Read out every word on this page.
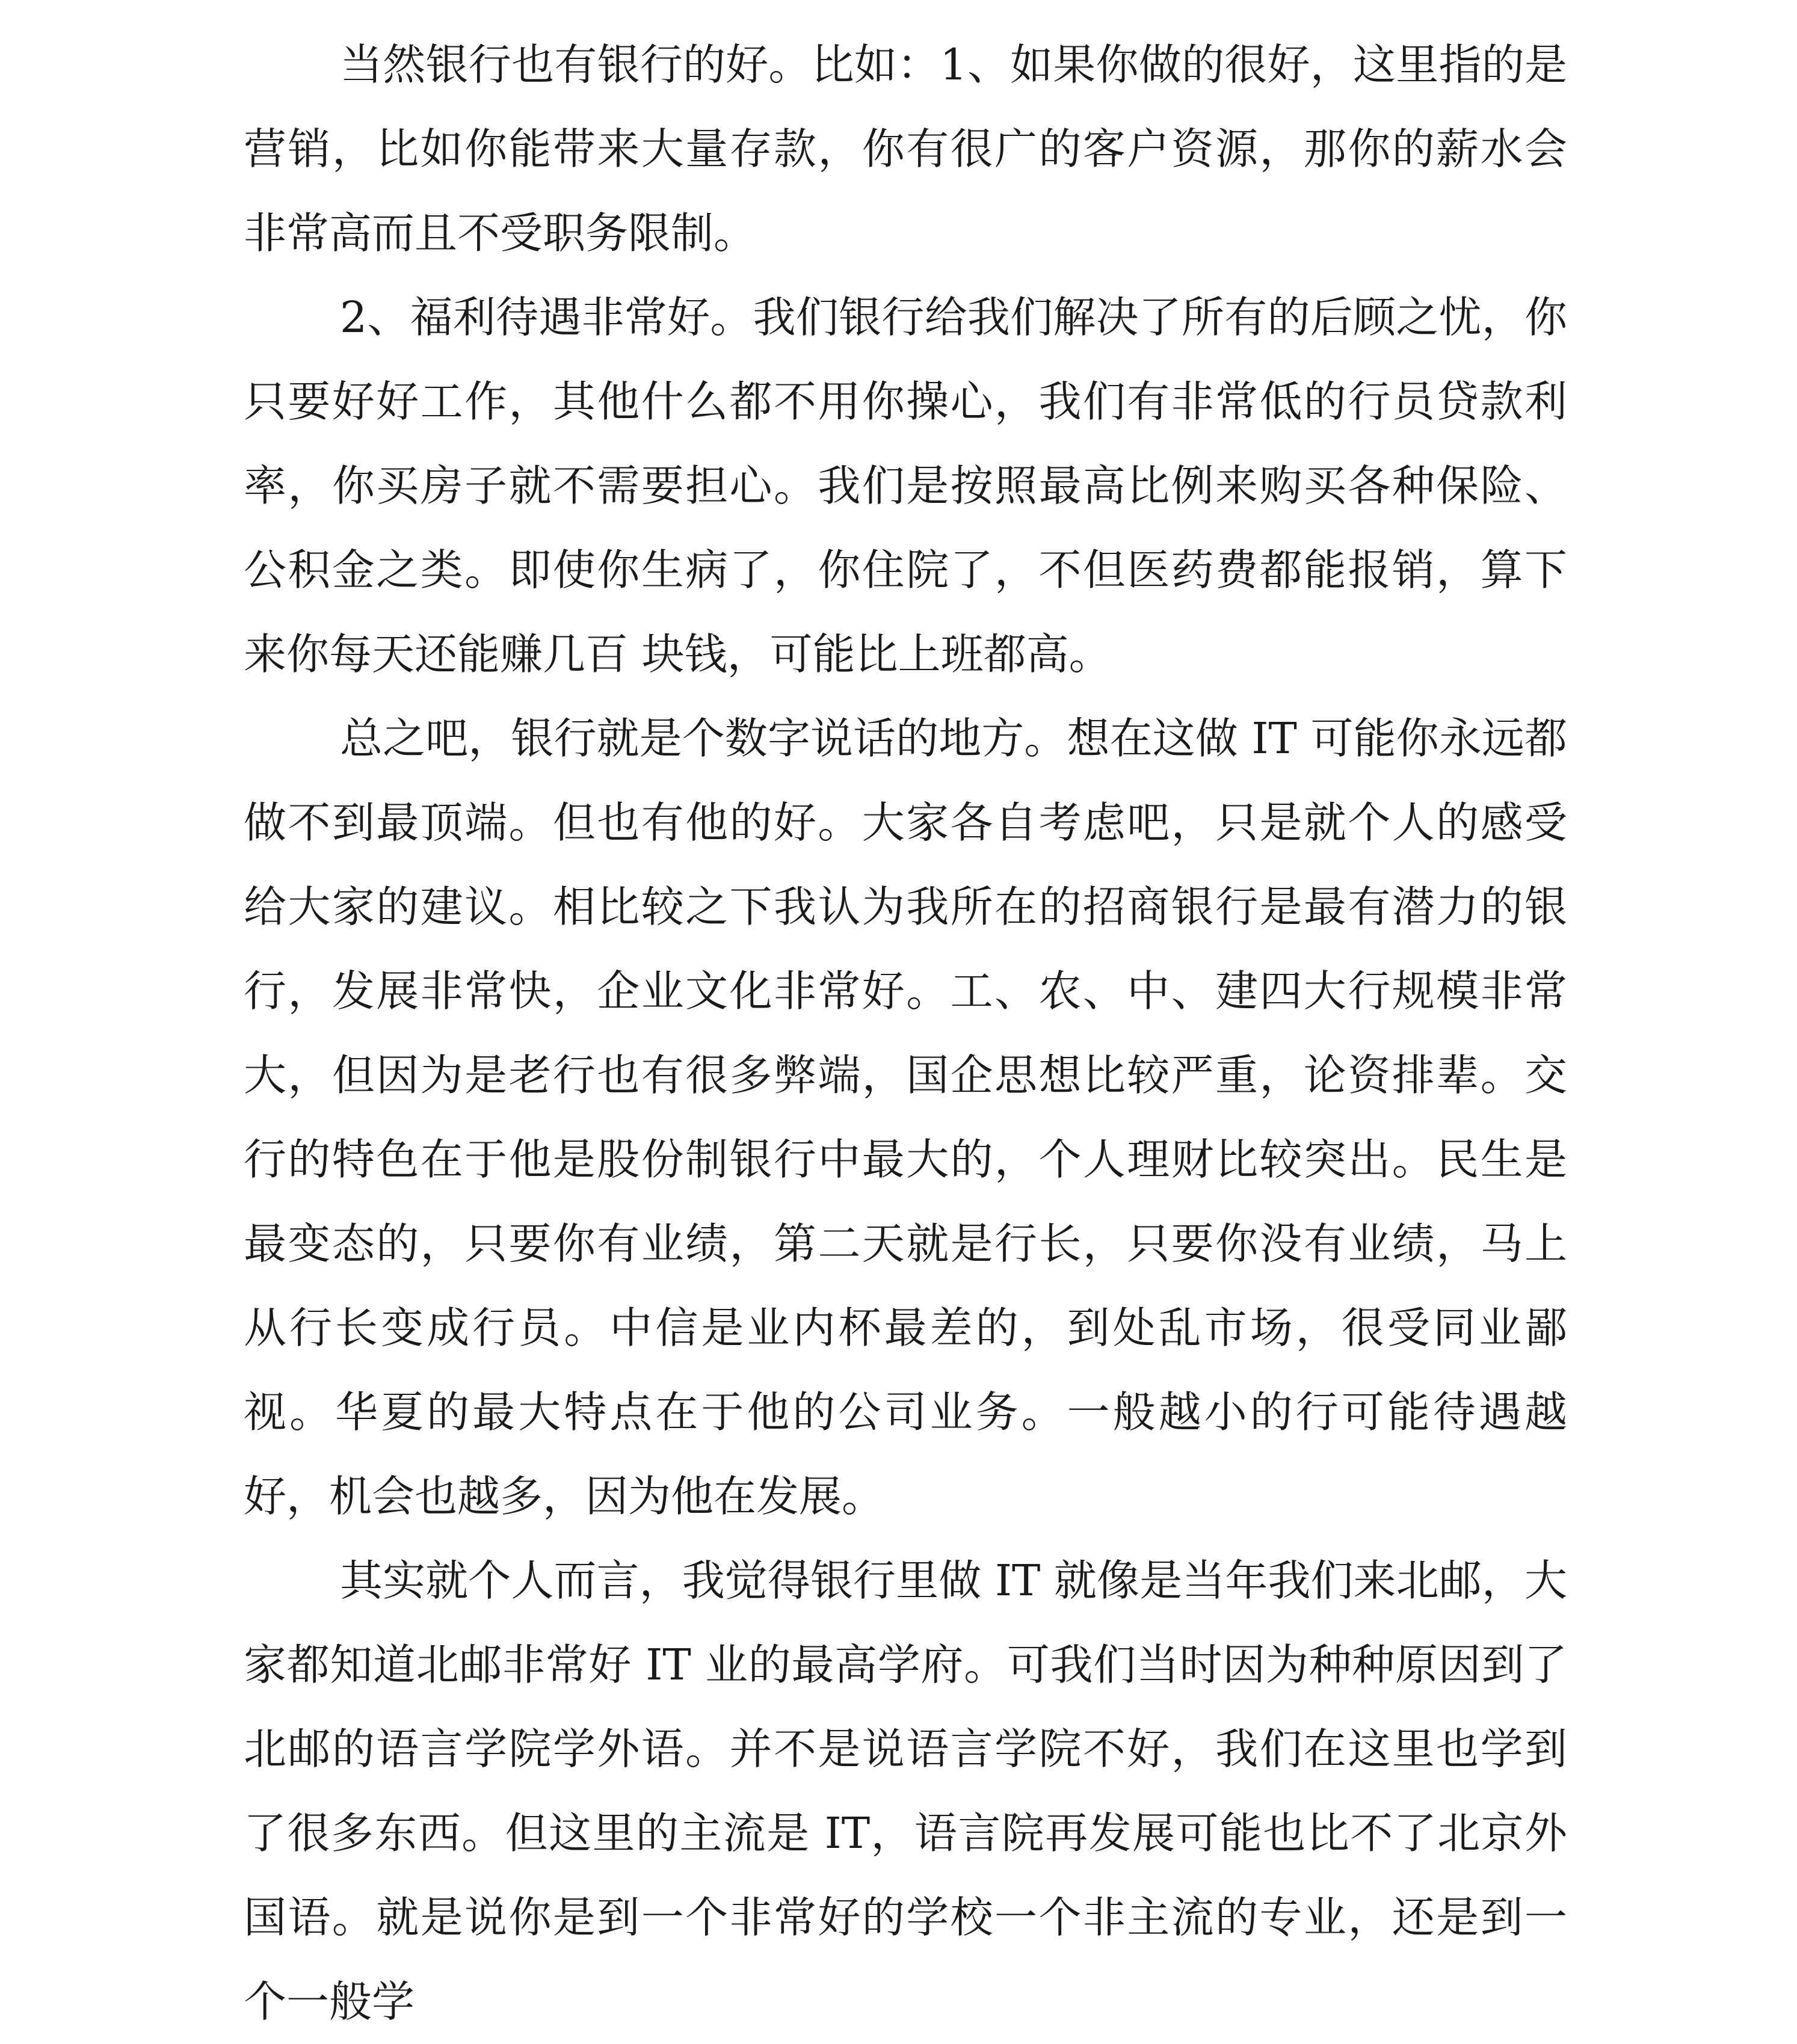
当然银行也有银行的好。比如：1、如果你做的很好，这里指的是营销，比如你能带来大量存款，你有很广的客户资源，那你的薪水会非常高而且不受职务限制。

2、福利待遇非常好。我们银行给我们解决了所有的后顾之忧，你只要好好工作，其他什么都不用你操心，我们有非常低的行员贷款利率，你买房子就不需要担心。我们是按照最高比例来购买各种保险、公积金之类。即使你生病了，你住院了，不但医药费都能报销，算下来你每天还能赚几百 块钱，可能比上班都高。

总之吧，银行就是个数字说话的地方。想在这做 IT 可能你永远都做不到最顶端。但也有他的好。大家各自考虑吧，只是就个人的感受给大家的建议。相比较之下我认为我所在的招商银行是最有潜力的银行，发展非常快，企业文化非常好。工、农、中、建四大行规模非常大，但因为是老行也有很多弊端，国企思想比较严重，论资排辈。交行的特色在于他是股份制银行中最大的，个人理财比较突出。民生是最变态的，只要你有业绩，第二天就是行长，只要你没有业绩，马上从行长变成行员。中信是业内杯最差的，到处乱市场，很受同业鄙视。华夏的最大特点在于他的公司业务。一般越小的行可能待遇越好，机会也越多，因为他在发展。

其实就个人而言，我觉得银行里做 IT 就像是当年我们来北邮，大家都知道北邮非常好 IT 业的最高学府。可我们当时因为种种原因到了北邮的语言学院学外语。并不是说语言学院不好，我们在这里也学到了很多东西。但这里的主流是 IT，语言院再发展可能也比不了北京外国语。就是说你是到一个非常好的学校一个非主流的专业，还是到一个一般学
